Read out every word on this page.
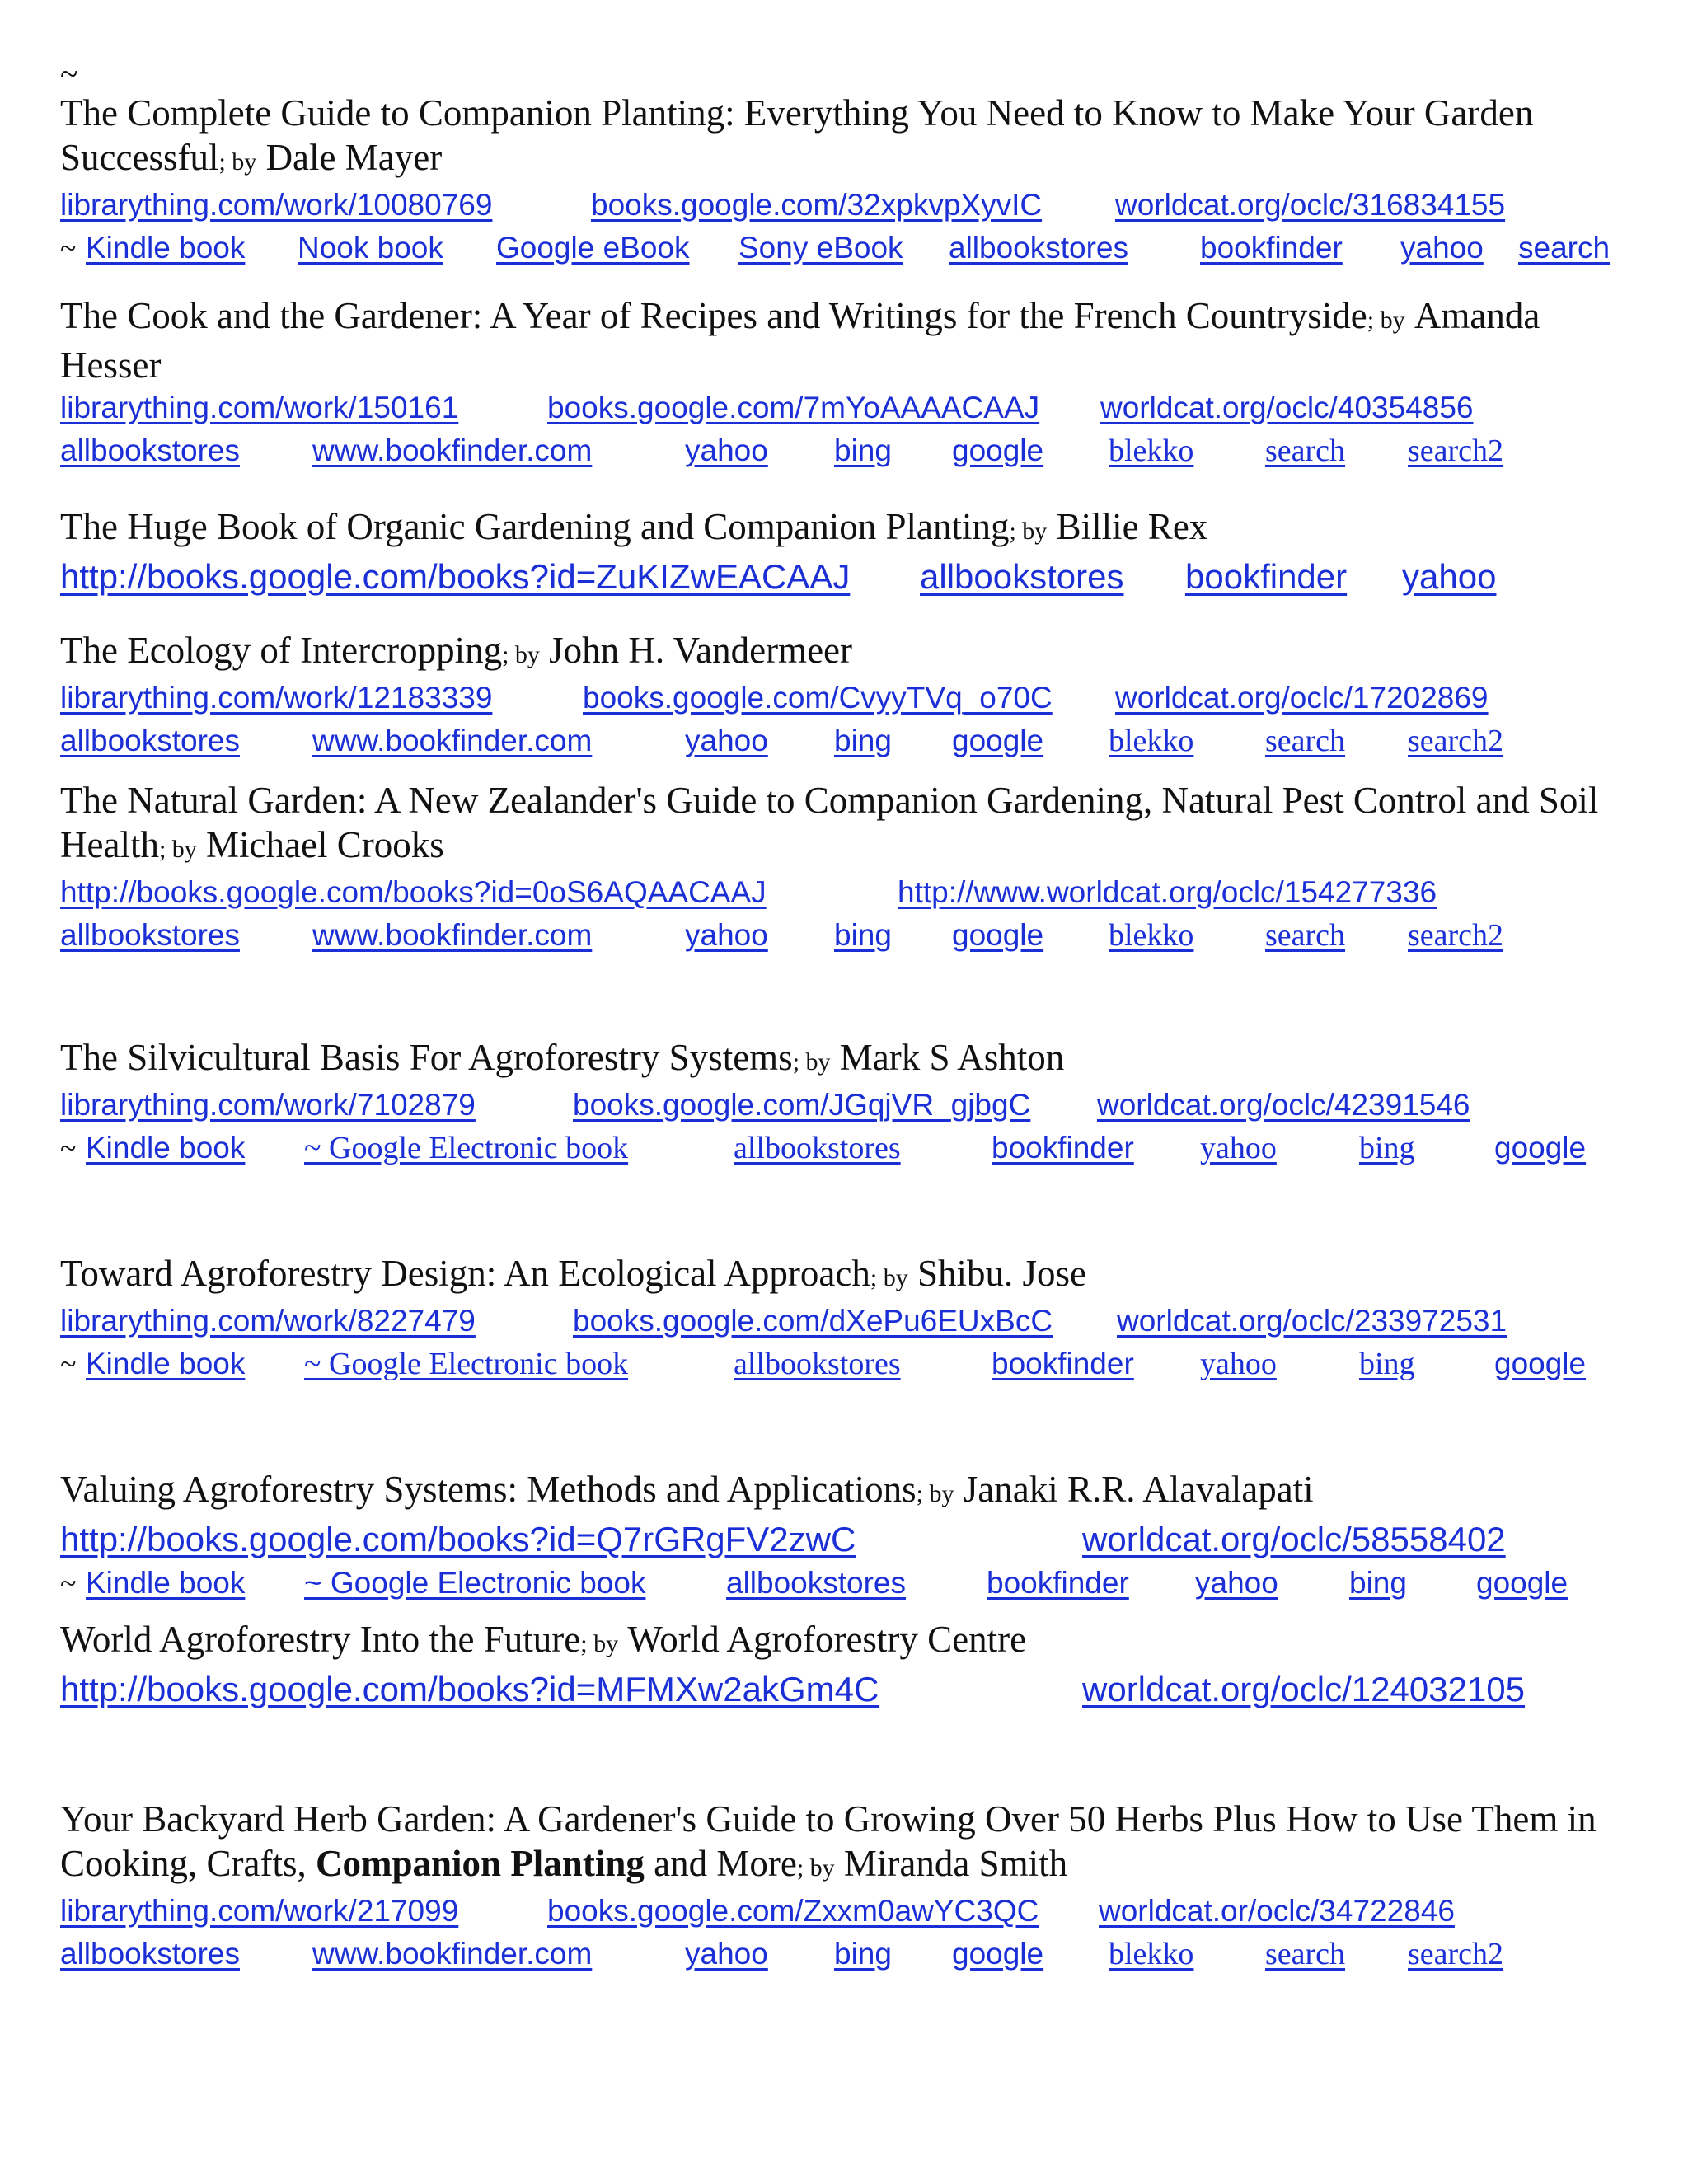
~
The Complete Guide to Companion Planting: Everything You Need to Know to Make Your Garden Successful; by Dale Mayer
librarything.com/work/10080769	books.google.com/32xpkvpXyvIC worldcat.org/oclc/316834155
~ Kindle book Nook book Google eBook Sony eBook allbookstores bookfinder yahoo search
The Cook and the Gardener: A Year of Recipes and Writings for the French Countryside; by Amanda Hesser
librarything.com/work/150161	books.google.com/7mYoAAAACAAJ worldcat.org/oclc/40354856
allbookstores www.bookfinder.com	yahoo bing google blekko search search2
The Huge Book of Organic Gardening and Companion Planting; by Billie Rex
http://books.google.com/books?id=ZuKIZwEACAAJ allbookstores bookfinder yahoo
The Ecology of Intercropping; by John H. Vandermeer
librarything.com/work/12183339	books.google.com/CvyyTVq_o70C worldcat.org/oclc/17202869
allbookstores www.bookfinder.com	yahoo bing google blekko search search2
The Natural Garden: A New Zealander's Guide to Companion Gardening, Natural Pest Control and Soil Health; by Michael Crooks
http://books.google.com/books?id=0oS6AQAACAAJ	http://www.worldcat.org/oclc/154277336
allbookstores www.bookfinder.com	yahoo bing google blekko search search2
The Silvicultural Basis For Agroforestry Systems; by Mark S Ashton
librarything.com/work/7102879	books.google.com/JGqjVR_gjbgC worldcat.org/oclc/42391546
~ Kindle book ~ Google Electronic book	allbookstores	bookfinder yahoo	bing	google
Toward Agroforestry Design: An Ecological Approach; by Shibu. Jose
librarything.com/work/8227479	books.google.com/dXePu6EUxBcC worldcat.org/oclc/233972531
~ Kindle book ~ Google Electronic book	allbookstores	bookfinder yahoo	bing	google
Valuing Agroforestry Systems: Methods and Applications; by Janaki R.R. Alavalapati
http://books.google.com/books?id=Q7rGRgFV2zwC	worldcat.org/oclc/58558402
~ Kindle book ~ Google Electronic book	allbookstores	bookfinder yahoo bing google
World Agroforestry Into the Future; by World Agroforestry Centre
http://books.google.com/books?id=MFMXw2akGm4C	worldcat.org/oclc/124032105
Your Backyard Herb Garden: A Gardener's Guide to Growing Over 50 Herbs Plus How to Use Them in Cooking, Crafts, Companion Planting and More; by Miranda Smith
librarything.com/work/217099	books.google.com/Zxxm0awYC3QC worldcat.or/oclc/34722846
allbookstores www.bookfinder.com	yahoo bing google blekko search search2
